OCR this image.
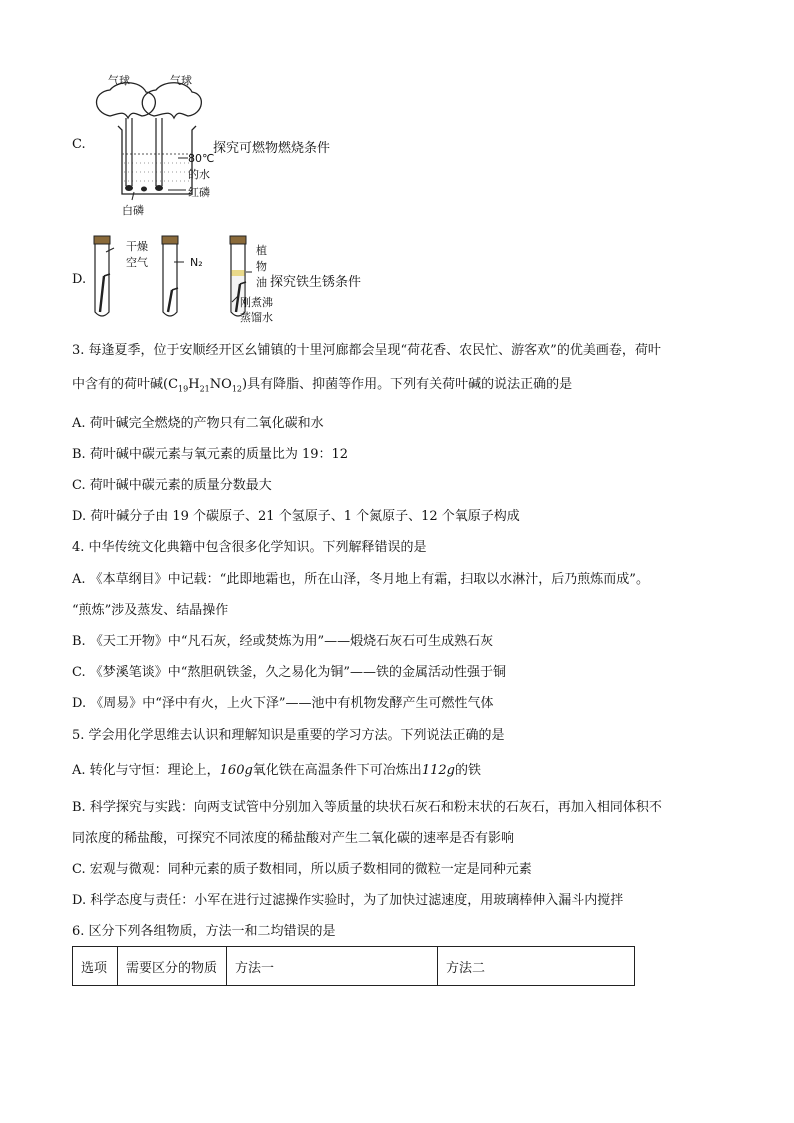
C.
气球	气球
80℃
的水
红磷
白磷
探究可燃物燃烧条件
D.
干燥
空气	N₂
植
物
油
刚煮沸
蒸馏水
探究铁生锈条件
3. 每逢夏季，位于安顺经开区幺铺镇的十里河廊都会呈现“荷花香、农民忙、游客欢”的优美画卷，荷叶
中含有的荷叶碱$(C_{19}H_{21}NO_{12})$具有降脂、抑菌等作用。下列有关荷叶碱的说法正确的是
A. 荷叶碱完全燃烧的产物只有二氧化碳和水
B. 荷叶碱中碳元素与氧元素的质量比为 19：12
C. 荷叶碱中碳元素的质量分数最大
D. 荷叶碱分子由 19 个碳原子、21 个氢原子、1 个氮原子、12 个氧原子构成
4. 中华传统文化典籍中包含很多化学知识。下列解释错误的是
A. 《本草纲目》中记载：“此即地霜也，所在山泽，冬月地上有霜，扫取以水淋汁，后乃煎炼而成”。
“煎炼”涉及蒸发、结晶操作
B. 《天工开物》中“凡石灰，经或焚炼为用”——煅烧石灰石可生成熟石灰
C. 《梦溪笔谈》中“熬胆矾铁釜，久之易化为铜”——铁的金属活动性强于铜
D. 《周易》中“泽中有火，上火下泽”——池中有机物发酵产生可燃性气体
5. 学会用化学思维去认识和理解知识是重要的学习方法。下列说法正确的是
A. 转化与守恒：理论上，160g氧化铁在高温条件下可冶炼出112g的铁
B. 科学探究与实践：向两支试管中分别加入等质量的块状石灰石和粉末状的石灰石，再加入相同体积不
同浓度的稀盐酸，可探究不同浓度的稀盐酸对产生二氧化碳的速率是否有影响
C. 宏观与微观：同种元素的质子数相同，所以质子数相同的微粒一定是同种元素
D. 科学态度与责任：小军在进行过滤操作实验时，为了加快过滤速度，用玻璃棒伸入漏斗内搅拌
6. 区分下列各组物质，方法一和二均错误的是
选项	需要区分的物质	方法一	方法二
